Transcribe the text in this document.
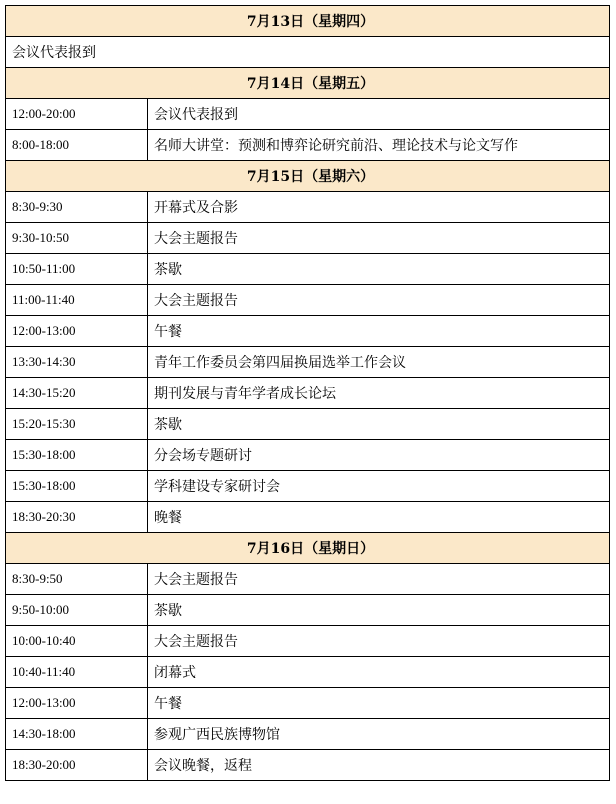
7月13日（星期四）	
会议代表报到	
7月14日（星期五）	
12:00-20:00	会议代表报到
8:00-18:00	名师大讲堂：预测和博弈论研究前沿、理论技术与论文写作
7月15日（星期六）	
8:30-9:30	开幕式及合影
9:30-10:50	大会主题报告
10:50-11:00	茶歇
11:00-11:40	大会主题报告
12:00-13:00	午餐
13:30-14:30	青年工作委员会第四届换届选举工作会议
14:30-15:20	期刊发展与青年学者成长论坛
15:20-15:30	茶歇
15:30-18:00	分会场专题研讨
15:30-18:00	学科建设专家研讨会
18:30-20:30	晚餐
7月16日（星期日）	
8:30-9:50	大会主题报告
9:50-10:00	茶歇
10:00-10:40	大会主题报告
10:40-11:40	闭幕式
12:00-13:00	午餐
14:30-18:00	参观广西民族博物馆
18:30-20:00	会议晚餐，返程
